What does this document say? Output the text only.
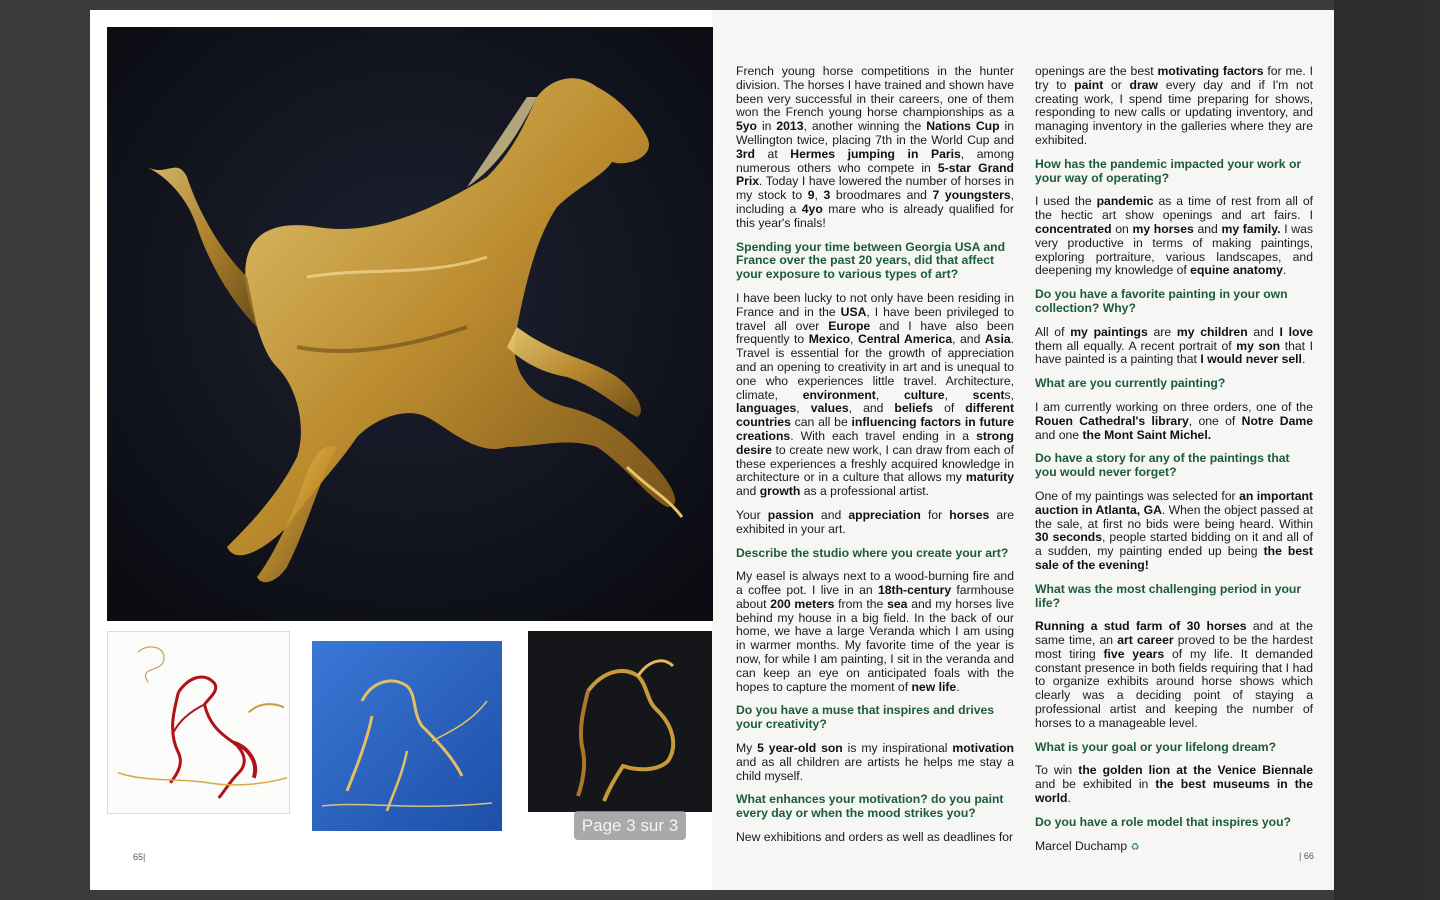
French young horse competitions in the hunter division. The horses I have trained and shown have been very successful in their careers, one of them won the French young horse championships as a 5yo in 2013, another winning the Nations Cup in Wellington twice, placing 7th in the World Cup and 3rd at Hermes jumping in Paris, among numerous others who compete in 5-star Grand Prix. Today I have lowered the number of horses in my stock to 9, 3 broodmares and 7 youngsters, including a 4yo mare who is already qualified for this year's finals!

Spending your time between Georgia USA and France over the past 20 years, did that affect your exposure to various types of art?

I have been lucky to not only have been residing in France and in the USA, I have been privileged to travel all over Europe and I have also been frequently to Mexico, Central America, and Asia. Travel is essential for the growth of appreciation and an opening to creativity in art and is unequal to one who experiences little travel. Architecture, climate, environment, culture, scents, languages, values, and beliefs of different countries can all be influencing factors in future creations. With each travel ending in a strong desire to create new work, I can draw from each of these experiences a freshly acquired knowledge in architecture or in a culture that allows my maturity and growth as a professional artist.

Your passion and appreciation for horses are exhibited in your art.

Describe the studio where you create your art?

My easel is always next to a wood-burning fire and a coffee pot. I live in an 18th-century farmhouse about 200 meters from the sea and my horses live behind my house in a big field. In the back of our home, we have a large Veranda which I am using in warmer months. My favorite time of the year is now, for while I am painting, I sit in the veranda and can keep an eye on anticipated foals with the hopes to capture the moment of new life.

Do you have a muse that inspires and drives your creativity?

My 5 year-old son is my inspirational motivation and as all children are artists he helps me stay a child myself.

What enhances your motivation? do you paint every day or when the mood strikes you?

New exhibitions and orders as well as deadlines for

openings are the best motivating factors for me. I try to paint or draw every day and if I'm not creating work, I spend time preparing for shows, responding to new calls or updating inventory, and managing inventory in the galleries where they are exhibited.

How has the pandemic impacted your work or your way of operating?

I used the pandemic as a time of rest from all of the hectic art show openings and art fairs. I concentrated on my horses and my family. I was very productive in terms of making paintings, exploring portraiture, various landscapes, and deepening my knowledge of equine anatomy.

Do you have a favorite painting in your own collection? Why?

All of my paintings are my children and I love them all equally. A recent portrait of my son that I have painted is a painting that I would never sell.

What are you currently painting?

I am currently working on three orders, one of the Rouen Cathedral's library, one of Notre Dame and one the Mont Saint Michel.

Do have a story for any of the paintings that you would never forget?

One of my paintings was selected for an important auction in Atlanta, GA. When the object passed at the sale, at first no bids were being heard. Within 30 seconds, people started bidding on it and all of a sudden, my painting ended up being the best sale of the evening!

What was the most challenging period in your life?

Running a stud farm of 30 horses and at the same time, an art career proved to be the hardest most tiring five years of my life. It demanded constant presence in both fields requiring that I had to organize exhibits around horse shows which clearly was a deciding point of staying a professional artist and keeping the number of horses to a manageable level.

What is your goal or your lifelong dream?

To win the golden lion at the Venice Biennale and be exhibited in the best museums in the world.

Do you have a role model that inspires you?

Marcel Duchamp ♻

65|	| 66
Page 3 sur 3
